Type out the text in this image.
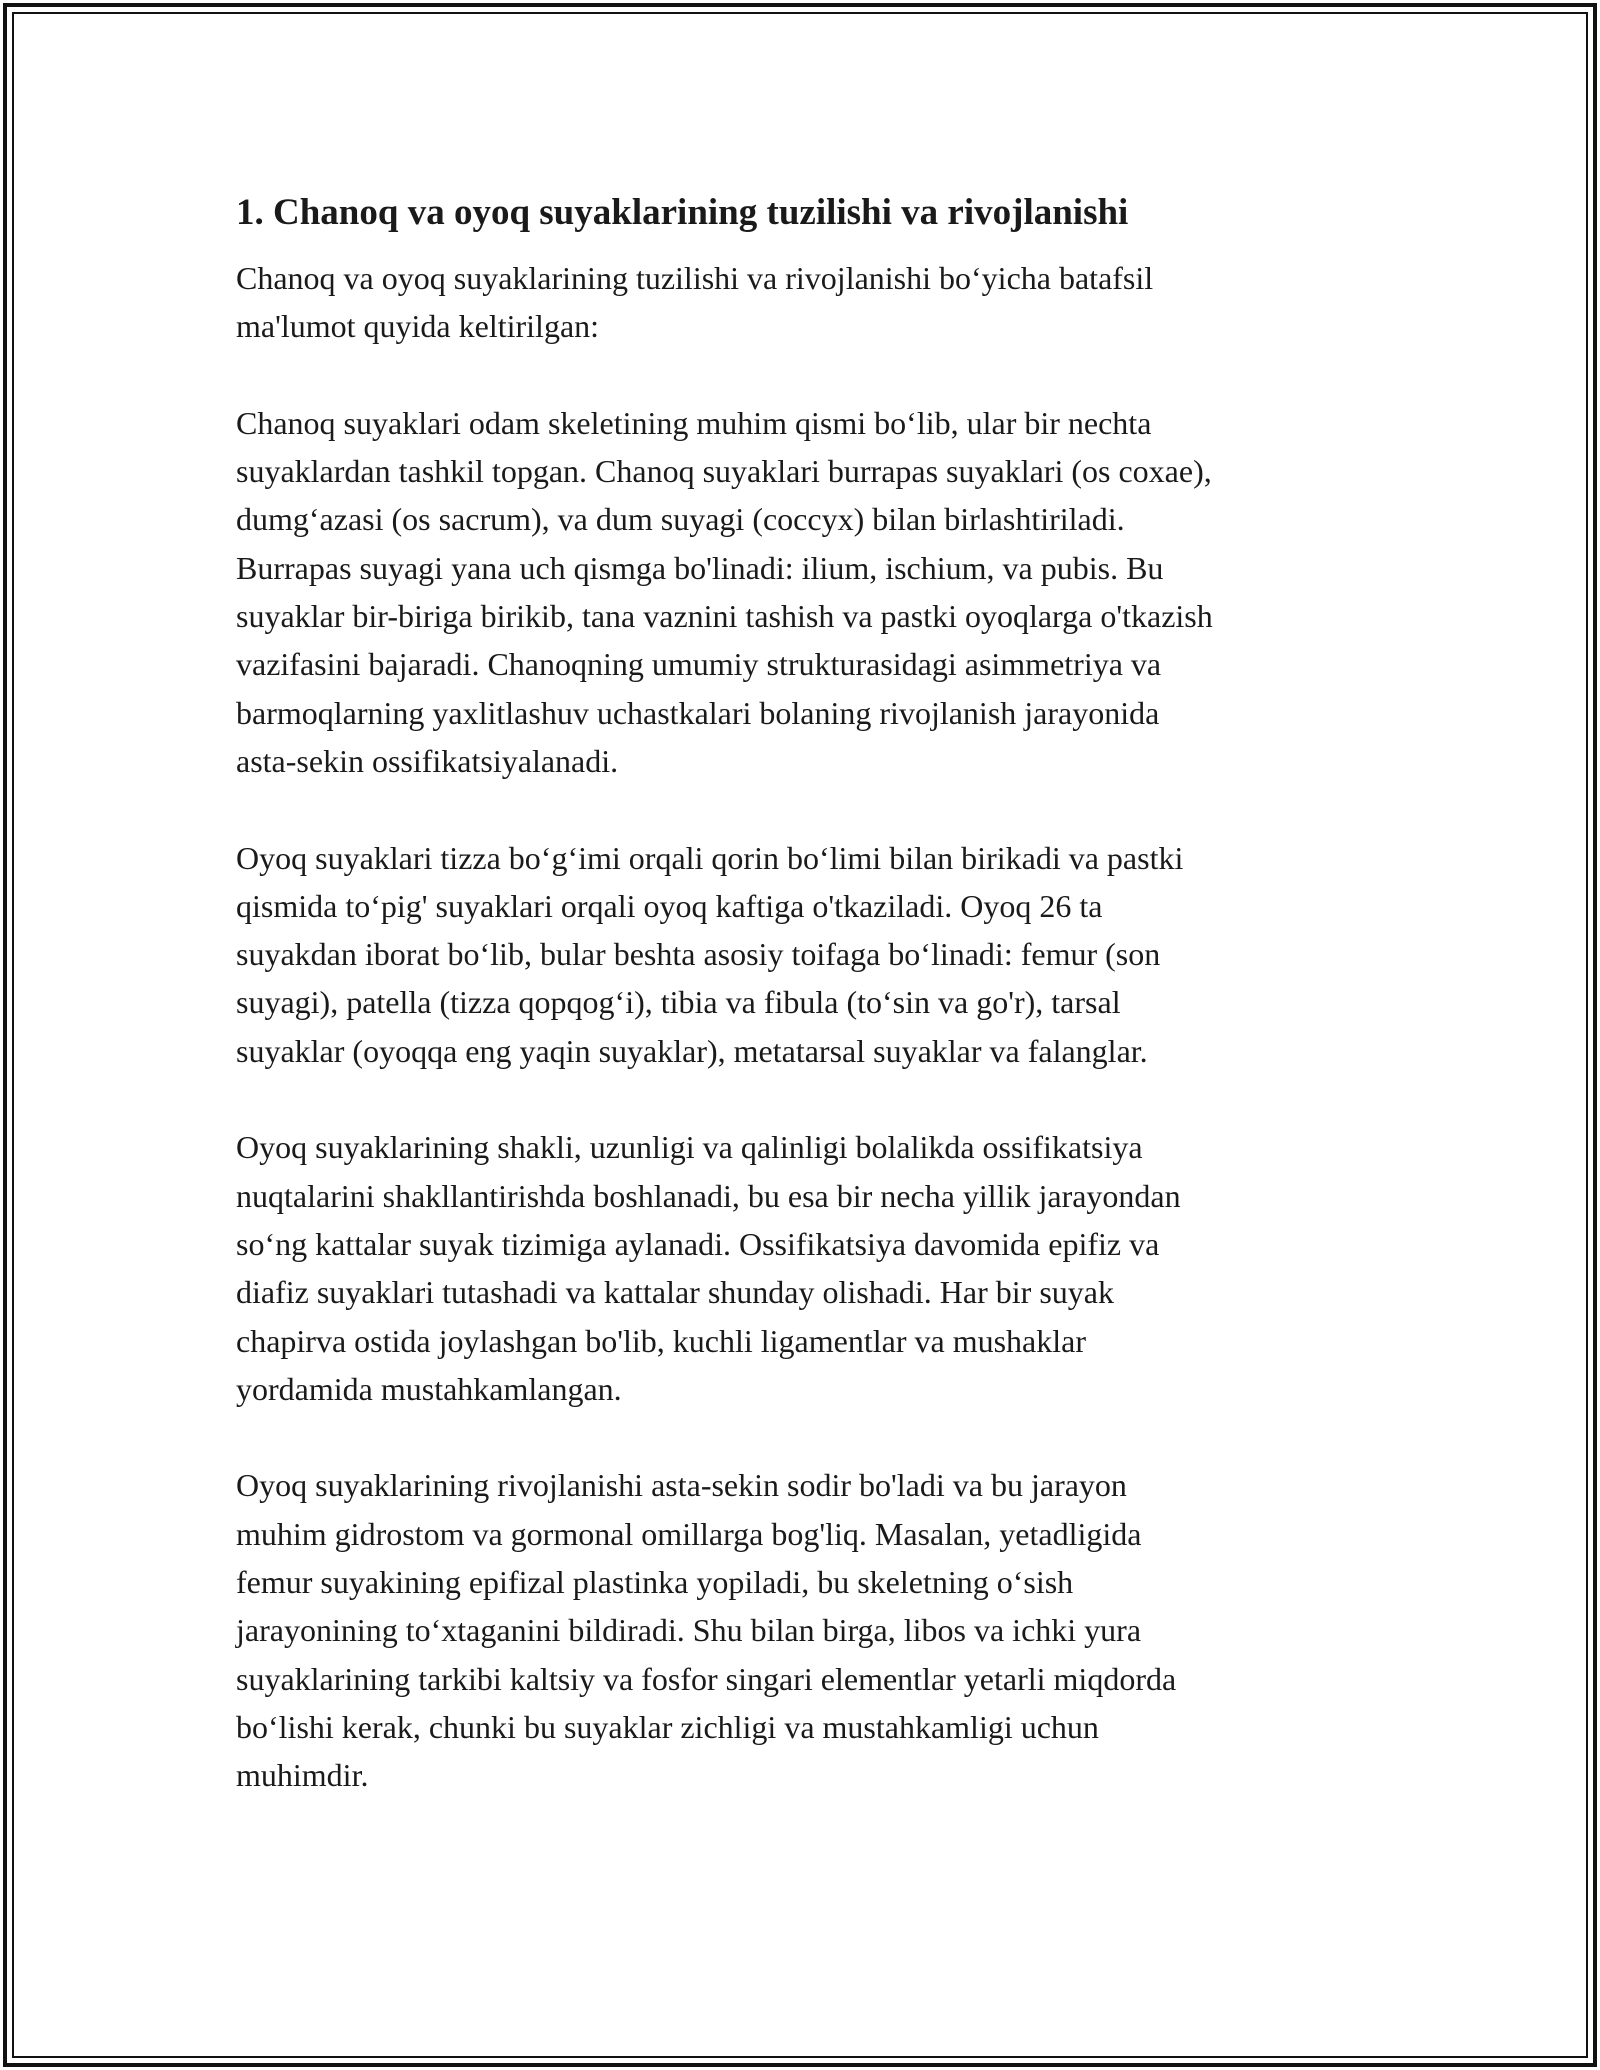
1. Chanoq va oyoq suyaklarining tuzilishi va rivojlanishi
Chanoq va oyoq suyaklarining tuzilishi va rivojlanishi bo‘yicha batafsil
ma'lumot quyida keltirilgan:
Chanoq suyaklari odam skeletining muhim qismi bo‘lib, ular bir nechta
suyaklardan tashkil topgan. Chanoq suyaklari burrapas suyaklari (os coxae),
dumg‘azasi (os sacrum), va dum suyagi (coccyx) bilan birlashtiriladi.
Burrapas suyagi yana uch qismga bo'linadi: ilium, ischium, va pubis. Bu
suyaklar bir-biriga birikib, tana vaznini tashish va pastki oyoqlarga o'tkazish
vazifasini bajaradi. Chanoqning umumiy strukturasidagi asimmetriya va
barmoqlarning yaxlitlashuv uchastkalari bolaning rivojlanish jarayonida
asta-sekin ossifikatsiyalanadi.
Oyoq suyaklari tizza bo‘g‘imi orqali qorin bo‘limi bilan birikadi va pastki
qismida to‘pig' suyaklari orqali oyoq kaftiga o'tkaziladi. Oyoq 26 ta
suyakdan iborat bo‘lib, bular beshta asosiy toifaga bo‘linadi: femur (son
suyagi), patella (tizza qopqog‘i), tibia va fibula (to‘sin va go'r), tarsal
suyaklar (oyoqqa eng yaqin suyaklar), metatarsal suyaklar va falanglar.
Oyoq suyaklarining shakli, uzunligi va qalinligi bolalikda ossifikatsiya
nuqtalarini shakllantirishda boshlanadi, bu esa bir necha yillik jarayondan
so‘ng kattalar suyak tizimiga aylanadi. Ossifikatsiya davomida epifiz va
diafiz suyaklari tutashadi va kattalar shunday olishadi. Har bir suyak
chapirva ostida joylashgan bo'lib, kuchli ligamentlar va mushaklar
yordamida mustahkamlangan.
Oyoq suyaklarining rivojlanishi asta-sekin sodir bo'ladi va bu jarayon
muhim gidrostom va gormonal omillarga bog'liq. Masalan, yetadligida
femur suyakining epifizal plastinka yopiladi, bu skeletning o‘sish
jarayonining to‘xtaganini bildiradi. Shu bilan birga, libos va ichki yura
suyaklarining tarkibi kaltsiy va fosfor singari elementlar yetarli miqdorda
bo‘lishi kerak, chunki bu suyaklar zichligi va mustahkamligi uchun
muhimdir.
